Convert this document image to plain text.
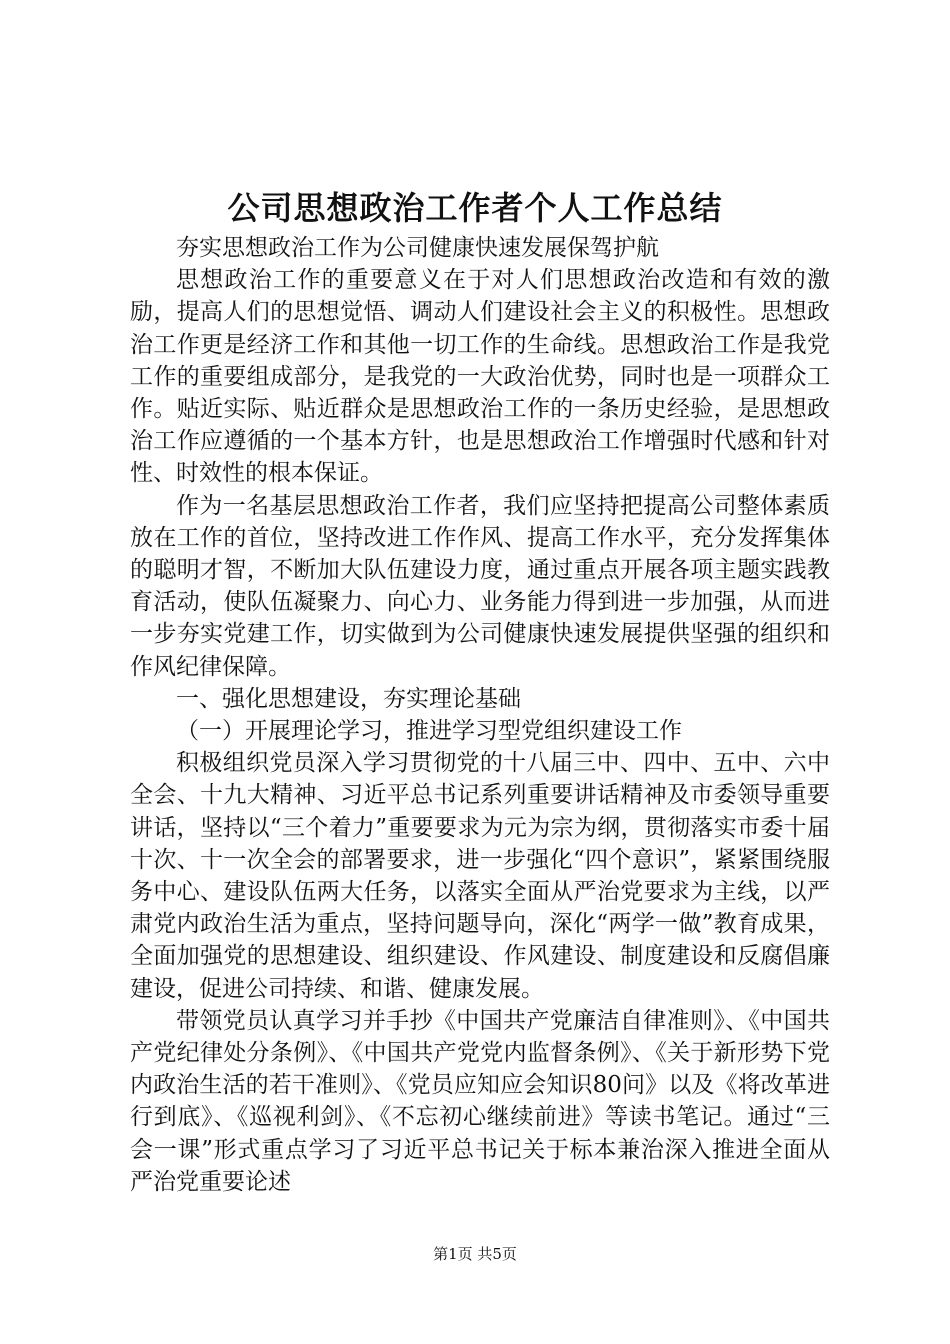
公司思想政治工作者个人工作总结

夯实思想政治工作为公司健康快速发展保驾护航

思想政治工作的重要意义在于对人们思想政治改造和有效的激励，提高人们的思想觉悟、调动人们建设社会主义的积极性。思想政治工作更是经济工作和其他一切工作的生命线。思想政治工作是我党工作的重要组成部分，是我党的一大政治优势，同时也是一项群众工作。贴近实际、贴近群众是思想政治工作的一条历史经验，是思想政治工作应遵循的一个基本方针，也是思想政治工作增强时代感和针对性、时效性的根本保证。

作为一名基层思想政治工作者，我们应坚持把提高公司整体素质放在工作的首位，坚持改进工作作风、提高工作水平，充分发挥集体的聪明才智，不断加大队伍建设力度，通过重点开展各项主题实践教育活动，使队伍凝聚力、向心力、业务能力得到进一步加强，从而进一步夯实党建工作，切实做到为公司健康快速发展提供坚强的组织和作风纪律保障。

一、强化思想建设，夯实理论基础

（一）开展理论学习，推进学习型党组织建设工作

积极组织党员深入学习贯彻党的十八届三中、四中、五中、六中全会、十九大精神、习近平总书记系列重要讲话精神及市委领导重要讲话，坚持以“三个着力”重要要求为元为宗为纲，贯彻落实市委十届十次、十一次全会的部署要求，进一步强化“四个意识”，紧紧围绕服务中心、建设队伍两大任务，以落实全面从严治党要求为主线，以严肃党内政治生活为重点，坚持问题导向，深化“两学一做”教育成果，全面加强党的思想建设、组织建设、作风建设、制度建设和反腐倡廉建设，促进公司持续、和谐、健康发展。

带领党员认真学习并手抄《中国共产党廉洁自律准则》、《中国共产党纪律处分条例》、《中国共产党党内监督条例》、《关于新形势下党内政治生活的若干准则》、《党员应知应会知识80问》以及《将改革进行到底》、《巡视利剑》、《不忘初心继续前进》等读书笔记。通过“三会一课”形式重点学习了习近平总书记关于标本兼治深入推进全面从严治党重要论述

第1页 共5页
